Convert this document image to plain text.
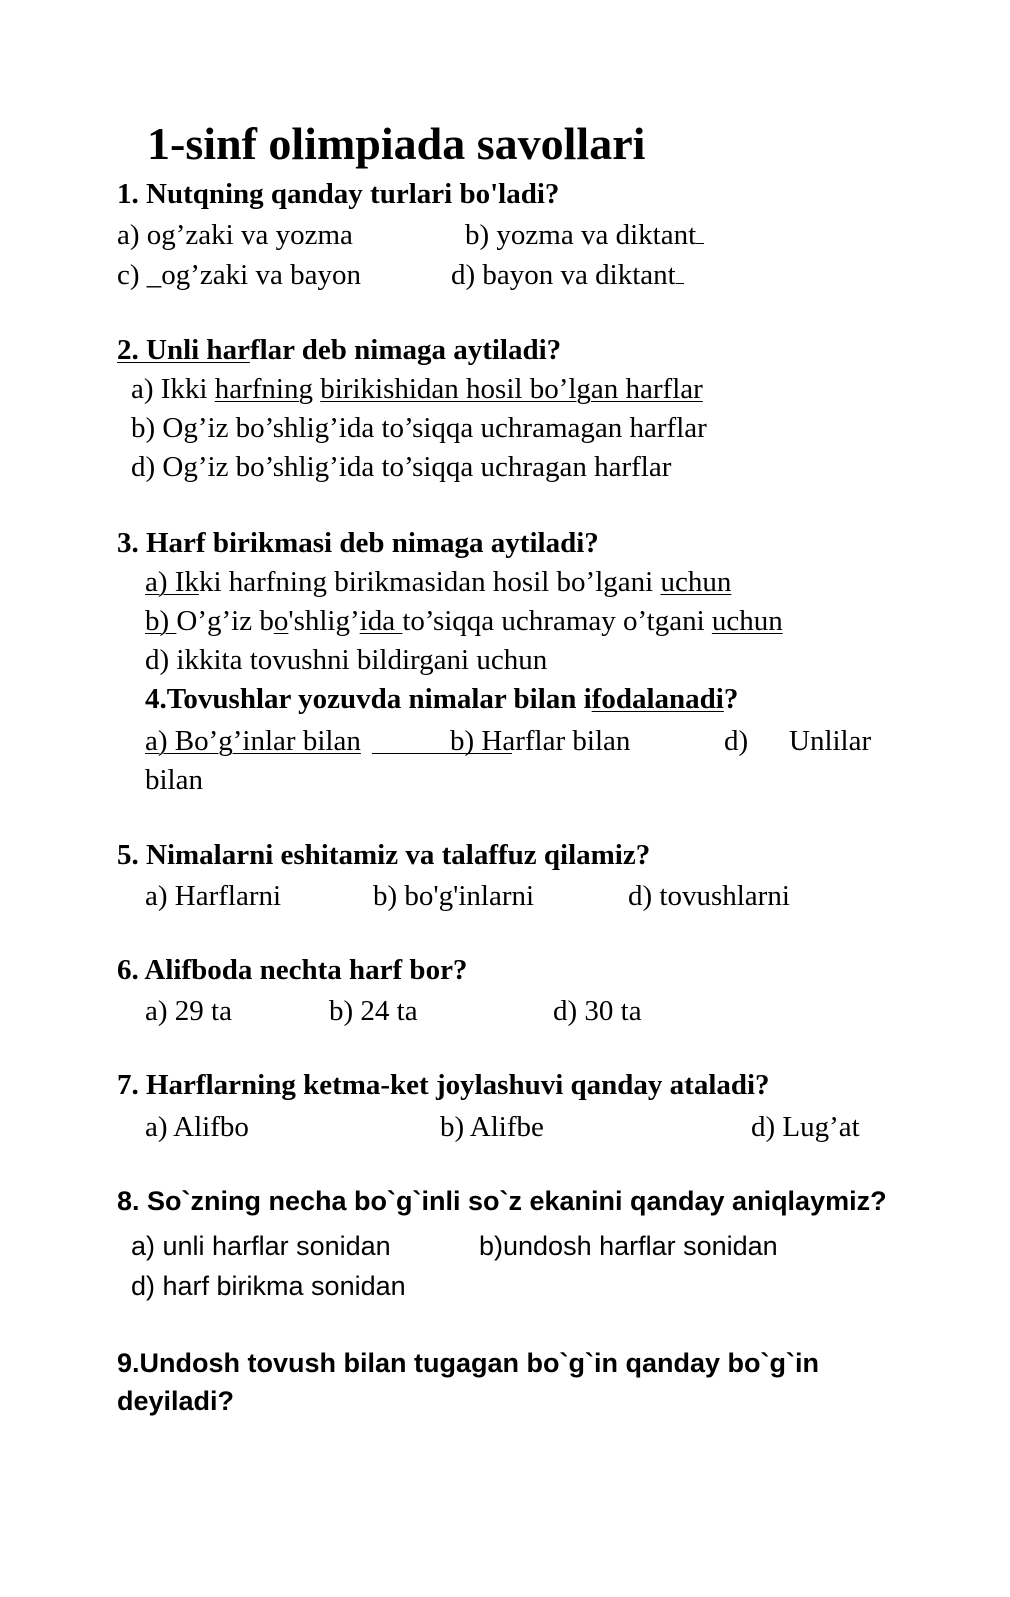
1-sinf olimpiada savollari
1. Nutqning qanday turlari bo'ladi?
a) og’zaki va yozma	b) yozma va diktant
c) _og’zaki va bayon	d) bayon va diktant
2. Unli harflar deb nimaga aytiladi?
a) Ikki harfning birikishidan hosil bo’lgan harflar
b) Og’iz bo’shlig’ida to’siqqa uchramagan harflar
d) Og’iz bo’shlig’ida to’siqqa uchragan harflar
3. Harf birikmasi deb nimaga aytiladi?
a) Ikki harfning birikmasidan hosil bo’lgani uchun
b) O’g’iz bo'shlig’ida to’siqqa uchramay o’tgani uchun
d) ikkita tovushni bildirgani uchun
4.Tovushlar yozuvda nimalar bilan ifodalanadi?
a) Bo’g’inlar bilan	b) Harflar bilan	d) Unlilar
bilan
5. Nimalarni eshitamiz va talaffuz qilamiz?
a) Harflarni	b) bo'g'inlarni	d) tovushlarni
6. Alifboda nechta harf bor?
a) 29 ta	b) 24 ta	d) 30 ta
7. Harflarning ketma-ket joylashuvi qanday ataladi?
a) Alifbo	b) Alifbe	d) Lug’at
8. So`zning necha bo`g`inli so`z ekanini qanday aniqlaymiz?
a) unli harflar sonidan	b)undosh harflar sonidan
d) harf birikma sonidan
9.Undosh tovush bilan tugagan bo`g`in qanday bo`g`in
deyiladi?
